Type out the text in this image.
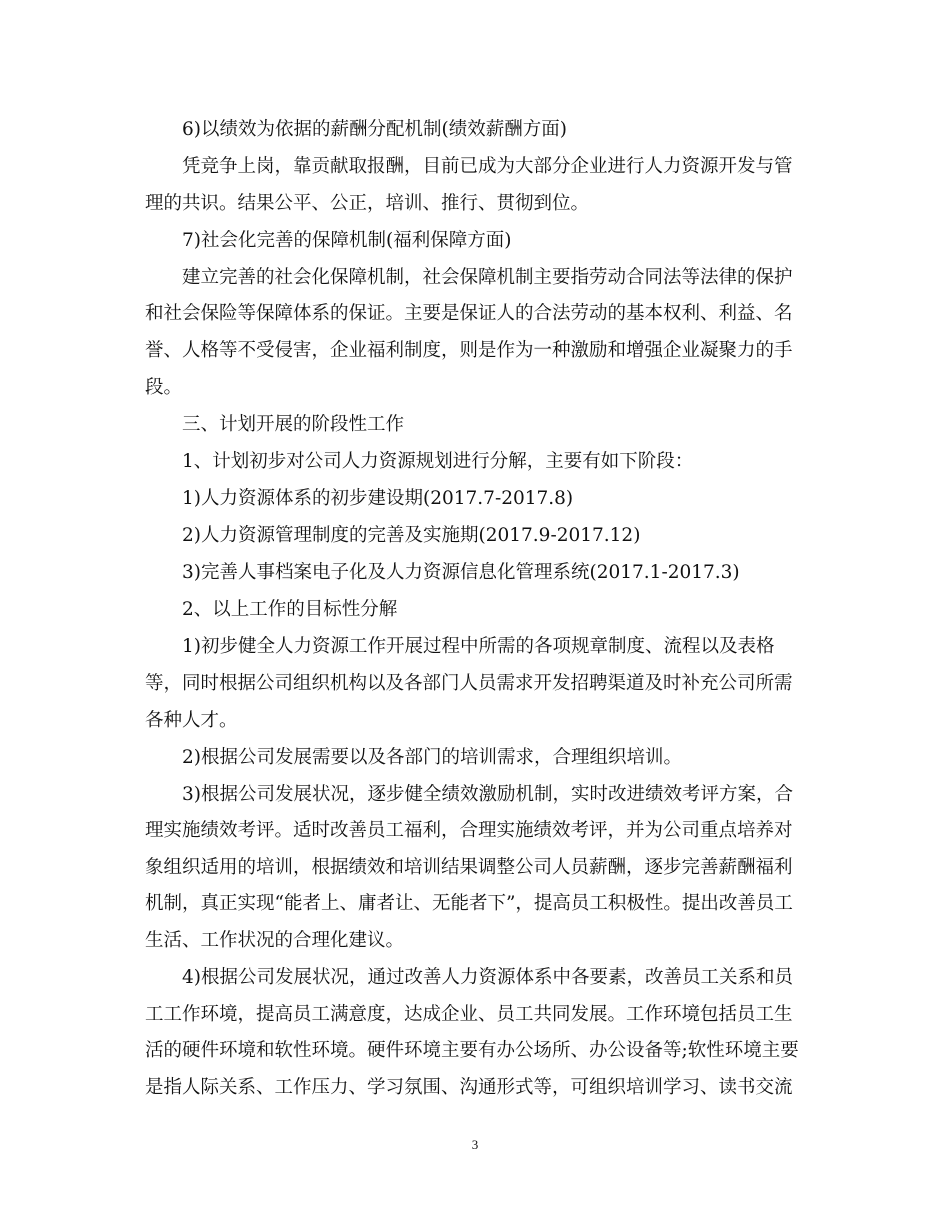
6)以绩效为依据的薪酬分配机制(绩效薪酬方面)
凭竞争上岗，靠贡献取报酬，目前已成为大部分企业进行人力资源开发与管
理的共识。结果公平、公正，培训、推行、贯彻到位。
7)社会化完善的保障机制(福利保障方面)
建立完善的社会化保障机制，社会保障机制主要指劳动合同法等法律的保护
和社会保险等保障体系的保证。主要是保证人的合法劳动的基本权利、利益、名
誉、人格等不受侵害，企业福利制度，则是作为一种激励和增强企业凝聚力的手
段。
三、计划开展的阶段性工作
1、计划初步对公司人力资源规划进行分解，主要有如下阶段：
1)人力资源体系的初步建设期(2017.7-2017.8)
2)人力资源管理制度的完善及实施期(2017.9-2017.12)
3)完善人事档案电子化及人力资源信息化管理系统(2017.1-2017.3)
2、以上工作的目标性分解
1)初步健全人力资源工作开展过程中所需的各项规章制度、流程以及表格
等，同时根据公司组织机构以及各部门人员需求开发招聘渠道及时补充公司所需
各种人才。
2)根据公司发展需要以及各部门的培训需求，合理组织培训。
3)根据公司发展状况，逐步健全绩效激励机制，实时改进绩效考评方案，合
理实施绩效考评。适时改善员工福利，合理实施绩效考评，并为公司重点培养对
象组织适用的培训，根据绩效和培训结果调整公司人员薪酬，逐步完善薪酬福利
机制，真正实现“能者上、庸者让、无能者下”，提高员工积极性。提出改善员工
生活、工作状况的合理化建议。
4)根据公司发展状况，通过改善人力资源体系中各要素，改善员工关系和员
工工作环境，提高员工满意度，达成企业、员工共同发展。工作环境包括员工生
活的硬件环境和软性环境。硬件环境主要有办公场所、办公设备等;软性环境主要
是指人际关系、工作压力、学习氛围、沟通形式等，可组织培训学习、读书交流
3
